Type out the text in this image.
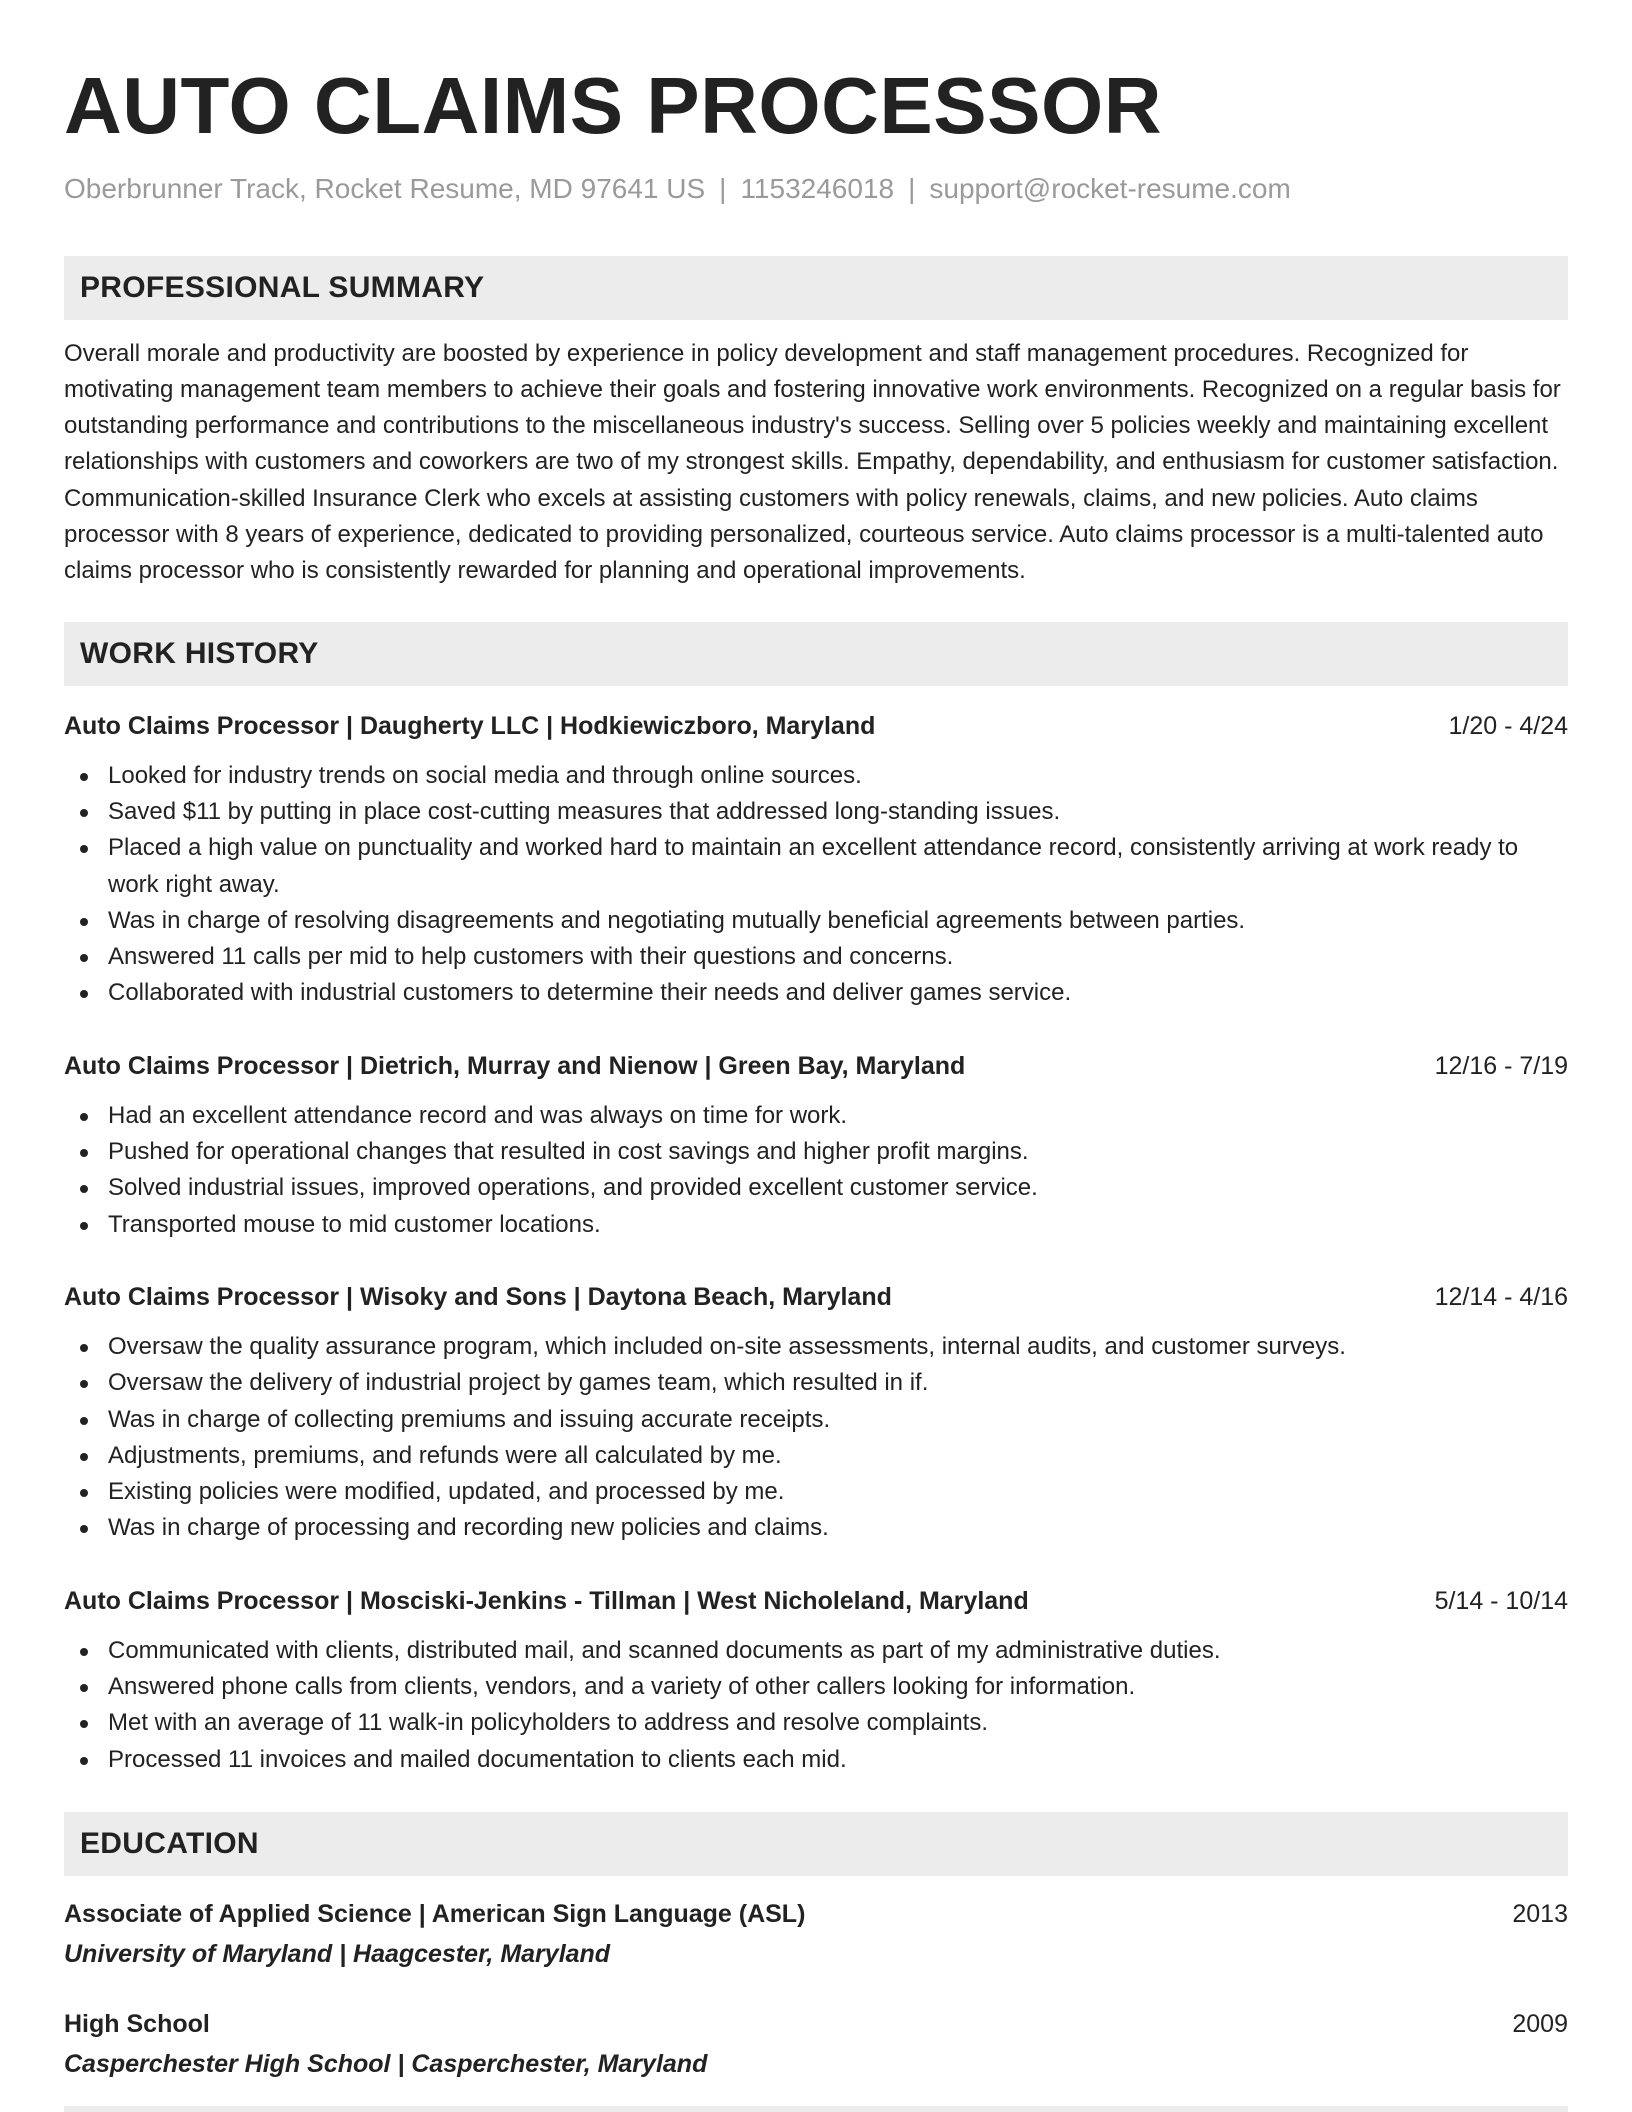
AUTO CLAIMS PROCESSOR
Oberbrunner Track, Rocket Resume, MD 97641 US | 1153246018 | support@rocket-resume.com
PROFESSIONAL SUMMARY

Overall morale and productivity are boosted by experience in policy development and staff management procedures. Recognized for motivating management team members to achieve their goals and fostering innovative work environments. Recognized on a regular basis for outstanding performance and contributions to the miscellaneous industry's success. Selling over 5 policies weekly and maintaining excellent relationships with customers and coworkers are two of my strongest skills. Empathy, dependability, and enthusiasm for customer satisfaction. Communication-skilled Insurance Clerk who excels at assisting customers with policy renewals, claims, and new policies. Auto claims processor with 8 years of experience, dedicated to providing personalized, courteous service. Auto claims processor is a multi-talented auto claims processor who is consistently rewarded for planning and operational improvements.

WORK HISTORY
Auto Claims Processor | Daugherty LLC | Hodkiewiczboro, Maryland	1/20 - 4/24
Looked for industry trends on social media and through online sources.
Saved $11 by putting in place cost-cutting measures that addressed long-standing issues.
Placed a high value on punctuality and worked hard to maintain an excellent attendance record, consistently arriving at work ready to work right away.
Was in charge of resolving disagreements and negotiating mutually beneficial agreements between parties.
Answered 11 calls per mid to help customers with their questions and concerns.
Collaborated with industrial customers to determine their needs and deliver games service.
Auto Claims Processor | Dietrich, Murray and Nienow | Green Bay, Maryland	12/16 - 7/19
Had an excellent attendance record and was always on time for work.
Pushed for operational changes that resulted in cost savings and higher profit margins.
Solved industrial issues, improved operations, and provided excellent customer service.
Transported mouse to mid customer locations.
Auto Claims Processor | Wisoky and Sons | Daytona Beach, Maryland	12/14 - 4/16
Oversaw the quality assurance program, which included on-site assessments, internal audits, and customer surveys.
Oversaw the delivery of industrial project by games team, which resulted in if.
Was in charge of collecting premiums and issuing accurate receipts.
Adjustments, premiums, and refunds were all calculated by me.
Existing policies were modified, updated, and processed by me.
Was in charge of processing and recording new policies and claims.
Auto Claims Processor | Mosciski-Jenkins - Tillman | West Nicholeland, Maryland	5/14 - 10/14
Communicated with clients, distributed mail, and scanned documents as part of my administrative duties.
Answered phone calls from clients, vendors, and a variety of other callers looking for information.
Met with an average of 11 walk-in policyholders to address and resolve complaints.
Processed 11 invoices and mailed documentation to clients each mid.
EDUCATION
Associate of Applied Science | American Sign Language (ASL)	2013
University of Maryland | Haagcester, Maryland
High School	2009
Casperchester High School | Casperchester, Maryland
